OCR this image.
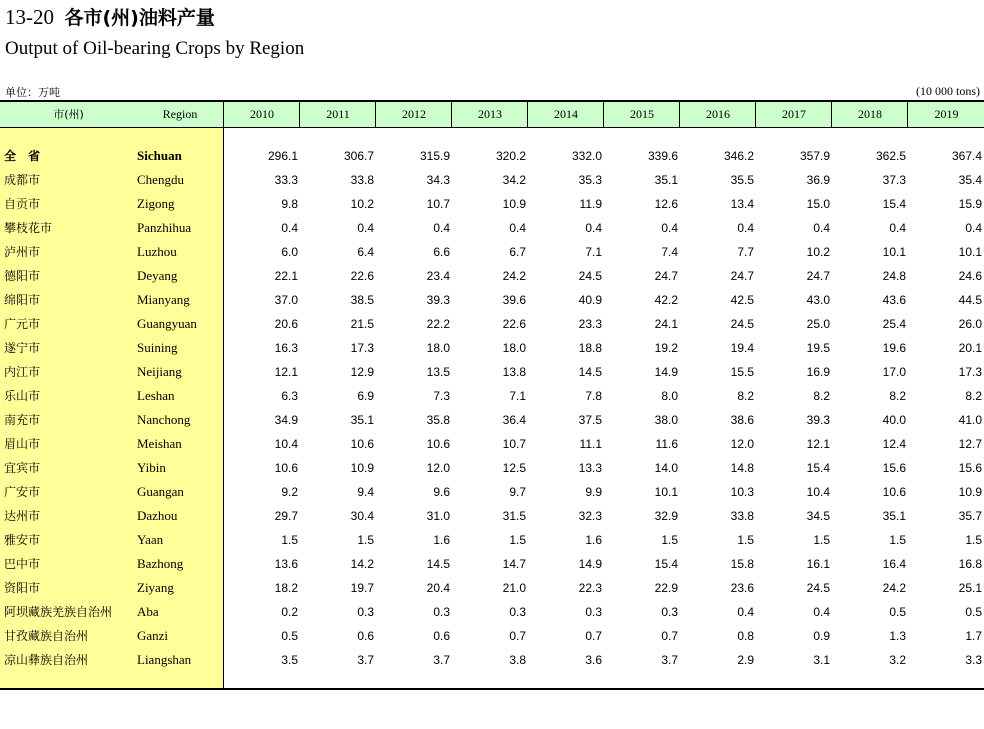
13-20 各市(州)油料产量
Output of Oil-bearing Crops by Region
单位：万吨	(10 000 tons)
市(州)	Region	2010	2011	2012	2013	2014	2015	2016	2017	2018	2019
全 省	Sichuan	296.1	306.7	315.9	320.2	332.0	339.6	346.2	357.9	362.5	367.4
成都市	Chengdu	33.3	33.8	34.3	34.2	35.3	35.1	35.5	36.9	37.3	35.4
自贡市	Zigong	9.8	10.2	10.7	10.9	11.9	12.6	13.4	15.0	15.4	15.9
攀枝花市	Panzhihua	0.4	0.4	0.4	0.4	0.4	0.4	0.4	0.4	0.4	0.4
泸州市	Luzhou	6.0	6.4	6.6	6.7	7.1	7.4	7.7	10.2	10.1	10.1
德阳市	Deyang	22.1	22.6	23.4	24.2	24.5	24.7	24.7	24.7	24.8	24.6
绵阳市	Mianyang	37.0	38.5	39.3	39.6	40.9	42.2	42.5	43.0	43.6	44.5
广元市	Guangyuan	20.6	21.5	22.2	22.6	23.3	24.1	24.5	25.0	25.4	26.0
遂宁市	Suining	16.3	17.3	18.0	18.0	18.8	19.2	19.4	19.5	19.6	20.1
内江市	Neijiang	12.1	12.9	13.5	13.8	14.5	14.9	15.5	16.9	17.0	17.3
乐山市	Leshan	6.3	6.9	7.3	7.1	7.8	8.0	8.2	8.2	8.2	8.2
南充市	Nanchong	34.9	35.1	35.8	36.4	37.5	38.0	38.6	39.3	40.0	41.0
眉山市	Meishan	10.4	10.6	10.6	10.7	11.1	11.6	12.0	12.1	12.4	12.7
宜宾市	Yibin	10.6	10.9	12.0	12.5	13.3	14.0	14.8	15.4	15.6	15.6
广安市	Guangan	9.2	9.4	9.6	9.7	9.9	10.1	10.3	10.4	10.6	10.9
达州市	Dazhou	29.7	30.4	31.0	31.5	32.3	32.9	33.8	34.5	35.1	35.7
雅安市	Yaan	1.5	1.5	1.6	1.5	1.6	1.5	1.5	1.5	1.5	1.5
巴中市	Bazhong	13.6	14.2	14.5	14.7	14.9	15.4	15.8	16.1	16.4	16.8
资阳市	Ziyang	18.2	19.7	20.4	21.0	22.3	22.9	23.6	24.5	24.2	25.1
阿坝藏族羌族自治州 Aba	0.2	0.3	0.3	0.3	0.3	0.3	0.4	0.4	0.5	0.5
甘孜藏族自治州	Ganzi	0.5	0.6	0.6	0.7	0.7	0.7	0.8	0.9	1.3	1.7
凉山彝族自治州	Liangshan	3.5	3.7	3.7	3.8	3.6	3.7	2.9	3.1	3.2	3.3
